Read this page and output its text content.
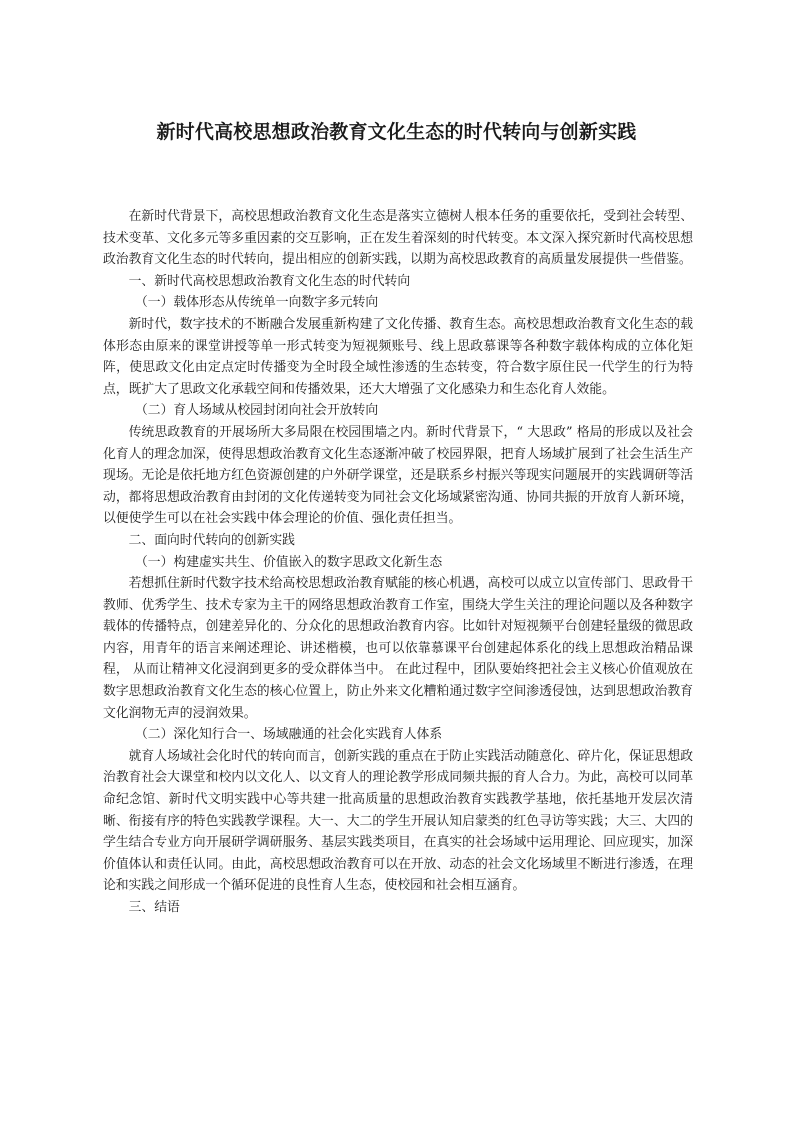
新时代高校思想政治教育文化生态的时代转向与创新实践

在新时代背景下，高校思想政治教育文化生态是落实立德树人根本任务的重要依托，受到社会转型、技术变革、文化多元等多重因素的交互影响，正在发生着深刻的时代转变。本文深入探究新时代高校思想政治教育文化生态的时代转向，提出相应的创新实践，以期为高校思政教育的高质量发展提供一些借鉴。

一、新时代高校思想政治教育文化生态的时代转向

（一）载体形态从传统单一向数字多元转向

新时代，数字技术的不断融合发展重新构建了文化传播、教育生态。高校思想政治教育文化生态的载体形态由原来的课堂讲授等单一形式转变为短视频账号、线上思政慕课等各种数字载体构成的立体化矩阵，使思政文化由定点定时传播变为全时段全域性渗透的生态转变，符合数字原住民一代学生的行为特点，既扩大了思政文化承载空间和传播效果，还大大增强了文化感染力和生态化育人效能。

（二）育人场域从校园封闭向社会开放转向

传统思政教育的开展场所大多局限在校园围墙之内。新时代背景下，“ 大思政” 格局的形成以及社会化育人的理念加深，使得思想政治教育文化生态逐渐冲破了校园界限，把育人场域扩展到了社会生活生产现场。无论是依托地方红色资源创建的户外研学课堂，还是联系乡村振兴等现实问题展开的实践调研等活动，都将思想政治教育由封闭的文化传递转变为同社会文化场域紧密沟通、协同共振的开放育人新环境，以便使学生可以在社会实践中体会理论的价值、强化责任担当。

二、面向时代转向的创新实践

（一）构建虚实共生、价值嵌入的数字思政文化新生态

若想抓住新时代数字技术给高校思想政治教育赋能的核心机遇，高校可以成立以宣传部门、思政骨干教师、优秀学生、技术专家为主干的网络思想政治教育工作室，围绕大学生关注的理论问题以及各种数字载体的传播特点，创建差异化的、分众化的思想政治教育内容。比如针对短视频平台创建轻量级的微思政内容，用青年的语言来阐述理论、讲述楷模，也可以依靠慕课平台创建起体系化的线上思想政治精品课程， 从而让精神文化浸润到更多的受众群体当中。 在此过程中，团队要始终把社会主义核心价值观放在数字思想政治教育文化生态的核心位置上，防止外来文化糟粕通过数字空间渗透侵蚀，达到思想政治教育文化润物无声的浸润效果。

（二）深化知行合一、场域融通的社会化实践育人体系

就育人场域社会化时代的转向而言，创新实践的重点在于防止实践活动随意化、碎片化，保证思想政治教育社会大课堂和校内以文化人、以文育人的理论教学形成同频共振的育人合力。为此，高校可以同革命纪念馆、新时代文明实践中心等共建一批高质量的思想政治教育实践教学基地，依托基地开发层次清晰、衔接有序的特色实践教学课程。大一、大二的学生开展认知启蒙类的红色寻访等实践；大三、大四的学生结合专业方向开展研学调研服务、基层实践类项目，在真实的社会场域中运用理论、回应现实，加深价值体认和责任认同。由此，高校思想政治教育可以在开放、动态的社会文化场域里不断进行渗透，在理论和实践之间形成一个循环促进的良性育人生态，使校园和社会相互涵育。

三、结语
